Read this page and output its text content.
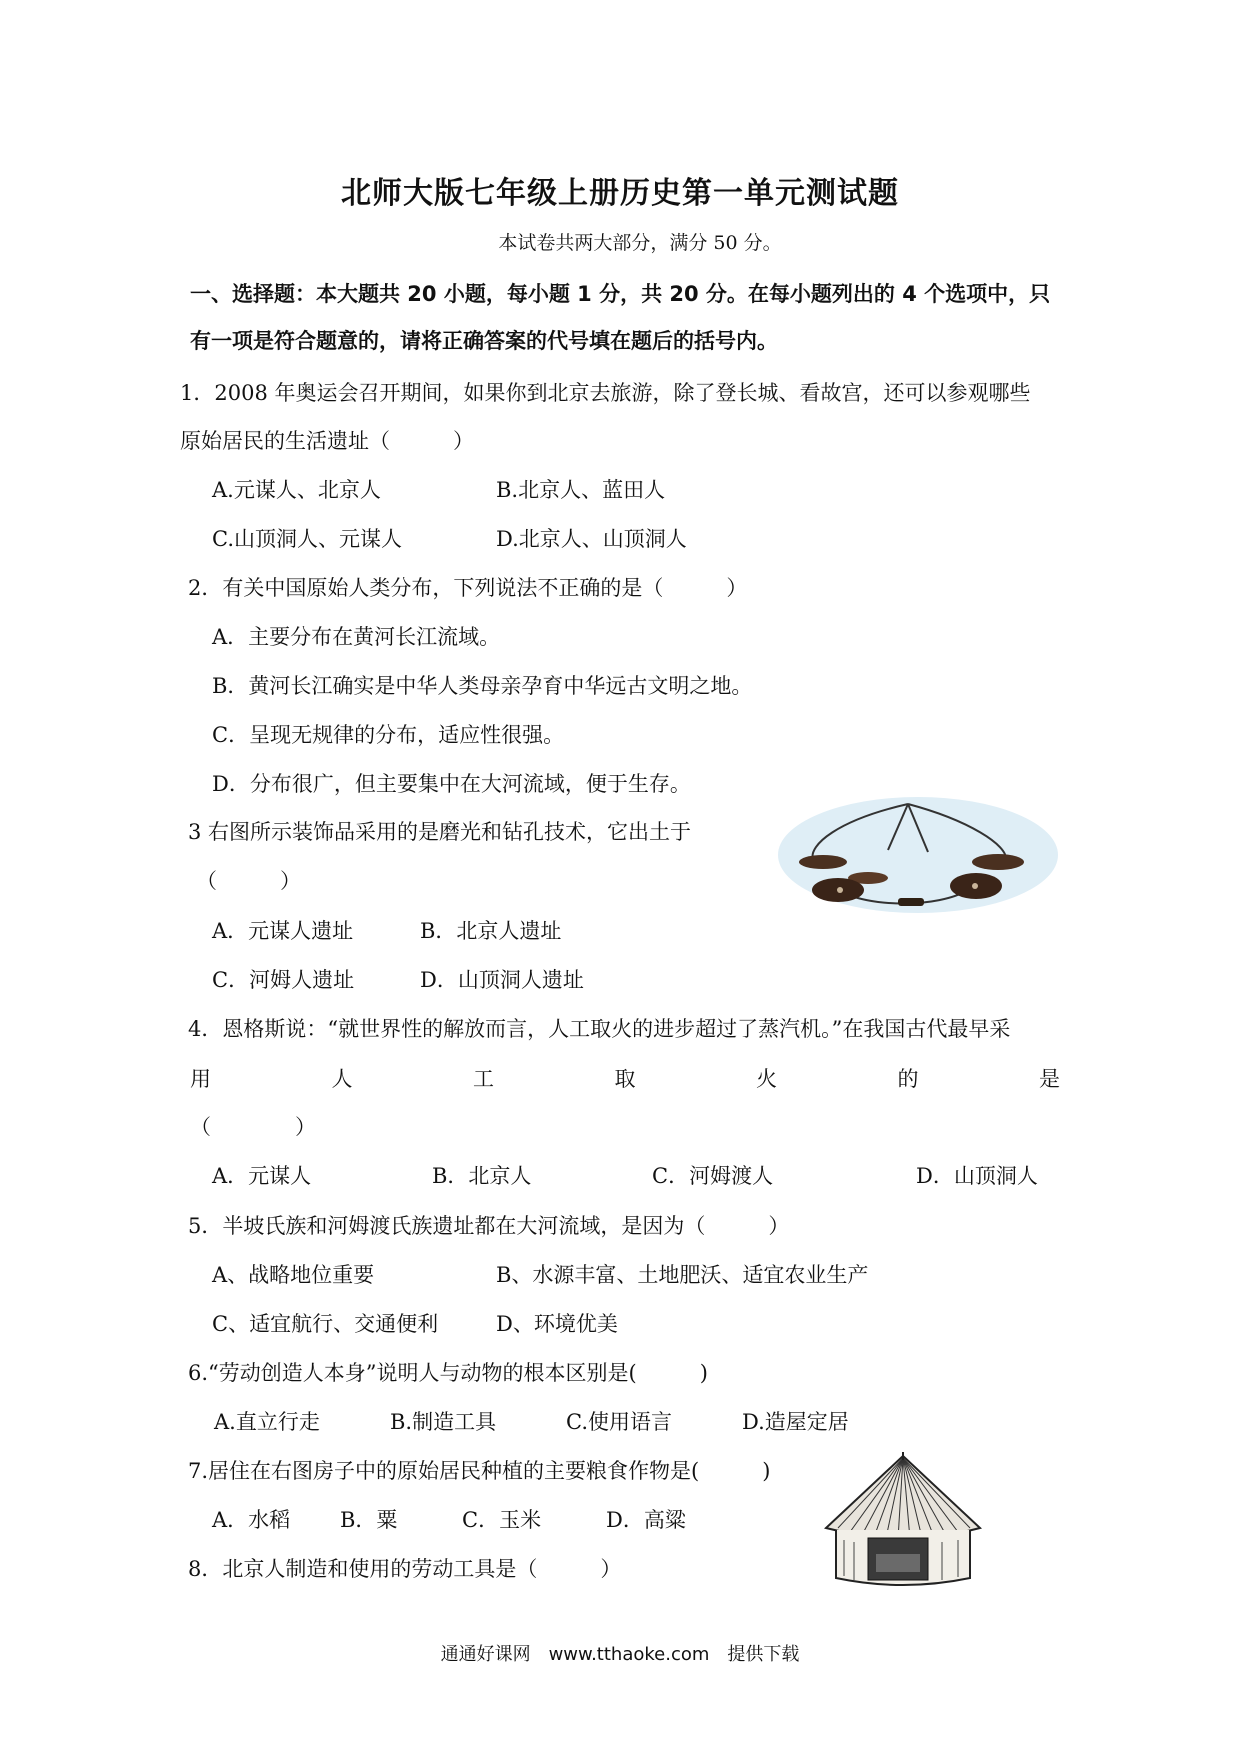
北师大版七年级上册历史第一单元测试题
本试卷共两大部分，满分 50 分。
一、选择题：本大题共 20 小题，每小题 1 分，共 20 分。在每小题列出的 4 个选项中，只
有一项是符合题意的，请将正确答案的代号填在题后的括号内。
1．2008 年奥运会召开期间，如果你到北京去旅游，除了登长城、看故宫，还可以参观哪些
原始居民的生活遗址（　　　）
A.元谋人、北京人	B.北京人、蓝田人
C.山顶洞人、元谋人	D.北京人、山顶洞人
2．有关中国原始人类分布，下列说法不正确的是（　　　）
A．主要分布在黄河长江流域。
B．黄河长江确实是中华人类母亲孕育中华远古文明之地。
C．呈现无规律的分布，适应性很强。
D．分布很广，但主要集中在大河流域，便于生存。
3 右图所示装饰品采用的是磨光和钻孔技术，它出土于
（　　　）
A．元谋人遗址	B．北京人遗址
C．河姆人遗址	D．山顶洞人遗址
4．恩格斯说：“就世界性的解放而言，人工取火的进步超过了蒸汽机。”在我国古代最早采
用	人	工	取	火	的	是
（　　　　）
A．元谋人	B．北京人	C．河姆渡人	D．山顶洞人
5．半坡氏族和河姆渡氏族遗址都在大河流域，是因为（　　　）
A、战略地位重要	B、水源丰富、土地肥沃、适宜农业生产
C、适宜航行、交通便利	D、环境优美
6.“劳动创造人本身”说明人与动物的根本区别是(　　　)
A.直立行走	B.制造工具	C.使用语言	D.造屋定居
7.居住在右图房子中的原始居民种植的主要粮食作物是(　　　)
A．水稻 B．粟	C．玉米	D．高粱
8．北京人制造和使用的劳动工具是（　　　）
通通好课网　www.tthaoke.com　提供下载
